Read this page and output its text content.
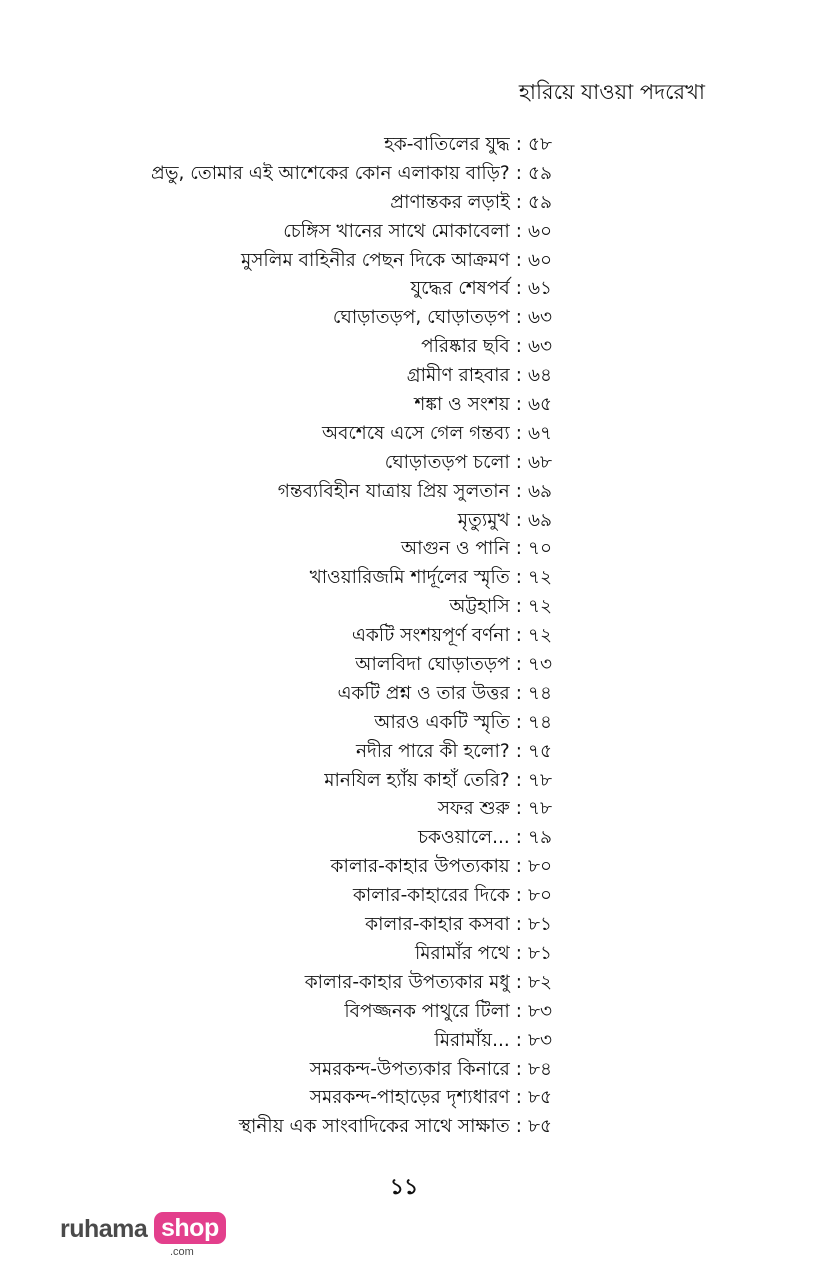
হারিয়ে যাওয়া পদরেখা
হক-বাতিলের যুদ্ধ : ৫৮
প্রভু, তোমার এই আশেকের কোন এলাকায় বাড়ি? : ৫৯
প্রাণান্তকর লড়াই : ৫৯
চেঙ্গিস খানের সাথে মোকাবেলা : ৬০
মুসলিম বাহিনীর পেছন দিকে আক্রমণ : ৬০
যুদ্ধের শেষপর্ব : ৬১
ঘোড়াতড়প, ঘোড়াতড়প : ৬৩
পরিষ্কার ছবি : ৬৩
গ্রামীণ রাহবার : ৬৪
শঙ্কা ও সংশয় : ৬৫
অবশেষে এসে গেল গন্তব্য : ৬৭
ঘোড়াতড়প চলো : ৬৮
গন্তব্যবিহীন যাত্রায় প্রিয় সুলতান : ৬৯
মৃত্যুমুখ : ৬৯
আগুন ও পানি : ৭০
খাওয়ারিজমি শার্দূলের স্মৃতি : ৭২
অট্টহাসি : ৭২
একটি সংশয়পূর্ণ বর্ণনা : ৭২
আলবিদা ঘোড়াতড়প : ৭৩
একটি প্রশ্ন ও তার উত্তর : ৭৪
আরও একটি স্মৃতি : ৭৪
নদীর পারে কী হলো? : ৭৫
মানযিল হ্যাঁয় কাহাঁ তেরি? : ৭৮
সফর শুরু : ৭৮
চকওয়ালে... : ৭৯
কালার-কাহার উপত্যকায় : ৮০
কালার-কাহারের দিকে : ৮০
কালার-কাহার কসবা : ৮১
মিরামাঁর পথে : ৮১
কালার-কাহার উপত্যকার মধু : ৮২
বিপজ্জনক পাথুরে টিলা : ৮৩
মিরামাঁয়... : ৮৩
সমরকন্দ-উপত্যকার কিনারে : ৮৪
সমরকন্দ-পাহাড়ের দৃশ্যধারণ : ৮৫
স্থানীয় এক সাংবাদিকের সাথে সাক্ষাত : ৮৫
১১
ruhama shop
.com
